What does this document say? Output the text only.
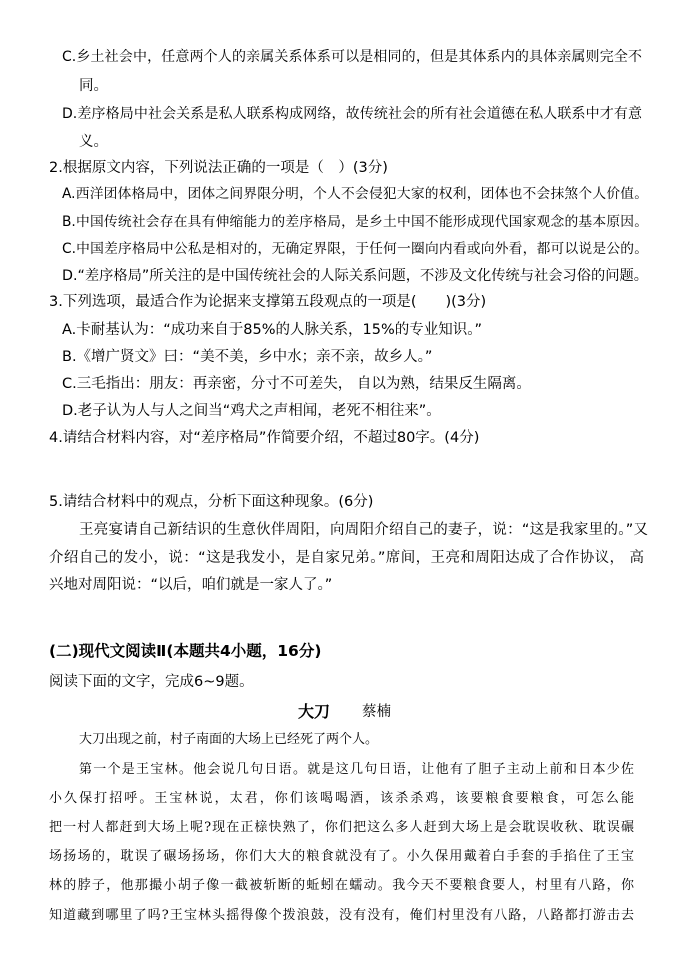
C.乡土社会中，任意两个人的亲属关系体系可以是相同的，但是其体系内的具体亲属则完全不
同。
D.差序格局中社会关系是私人联系构成网络，故传统社会的所有社会道德在私人联系中才有意
义。
2.根据原文内容，下列说法正确的一项是（　）(3分)
A.西洋团体格局中，团体之间界限分明，个人不会侵犯大家的权利，团体也不会抹煞个人价值。
B.中国传统社会存在具有伸缩能力的差序格局，是乡土中国不能形成现代国家观念的基本原因。
C.中国差序格局中公私是相对的，无确定界限，于任何一圈向内看或向外看，都可以说是公的。
D.“差序格局”所关注的是中国传统社会的人际关系问题，不涉及文化传统与社会习俗的问题。
3.下列选项，最适合作为论据来支撑第五段观点的一项是(　　)(3分)
A.卡耐基认为：“成功来自于85%的人脉关系，15%的专业知识。”
B.《增广贤文》曰：“美不美，乡中水；亲不亲，故乡人。”
C.三毛指出：朋友：再亲密，分寸不可差失， 自以为熟，结果反生隔离。
D.老子认为人与人之间当“鸡犬之声相闻，老死不相往来”。
4.请结合材料内容，对“差序格局”作简要介绍，不超过80字。(4分)
5.请结合材料中的观点，分析下面这种现象。(6分)
王亮宴请自己新结识的生意伙伴周阳，向周阳介绍自己的妻子，说：“这是我家里的。”又
介绍自己的发小，说：“这是我发小，是自家兄弟。”席间，王亮和周阳达成了合作协议， 高
兴地对周阳说：“以后，咱们就是一家人了。”
(二)现代文阅读Ⅱ(本题共4小题，16分)
阅读下面的文字，完成6~9题。
大刀 蔡楠
大刀出现之前，村子南面的大场上已经死了两个人。
第一个是王宝林。他会说几句日语。就是这几句日语，让他有了胆子主动上前和日本少佐
小久保打招呼。王宝林说，太君，你们该喝喝酒，该杀杀鸡，该要粮食要粮食，可怎么能
把一村人都赶到大场上呢?现在正榇快熟了，你们把这么多人赶到大场上是会耽误收秋、耽误碾
场扬场的，耽误了碾场扬场，你们大大的粮食就没有了。小久保用戴着白手套的手掐住了王宝
林的脖子，他那撮小胡子像一截被斩断的蚯蚓在蠕动。我今天不要粮食要人，村里有八路，你
知道藏到哪里了吗?王宝林头摇得像个拨浪鼓，没有没有，俺们村里没有八路，八路都打游击去
